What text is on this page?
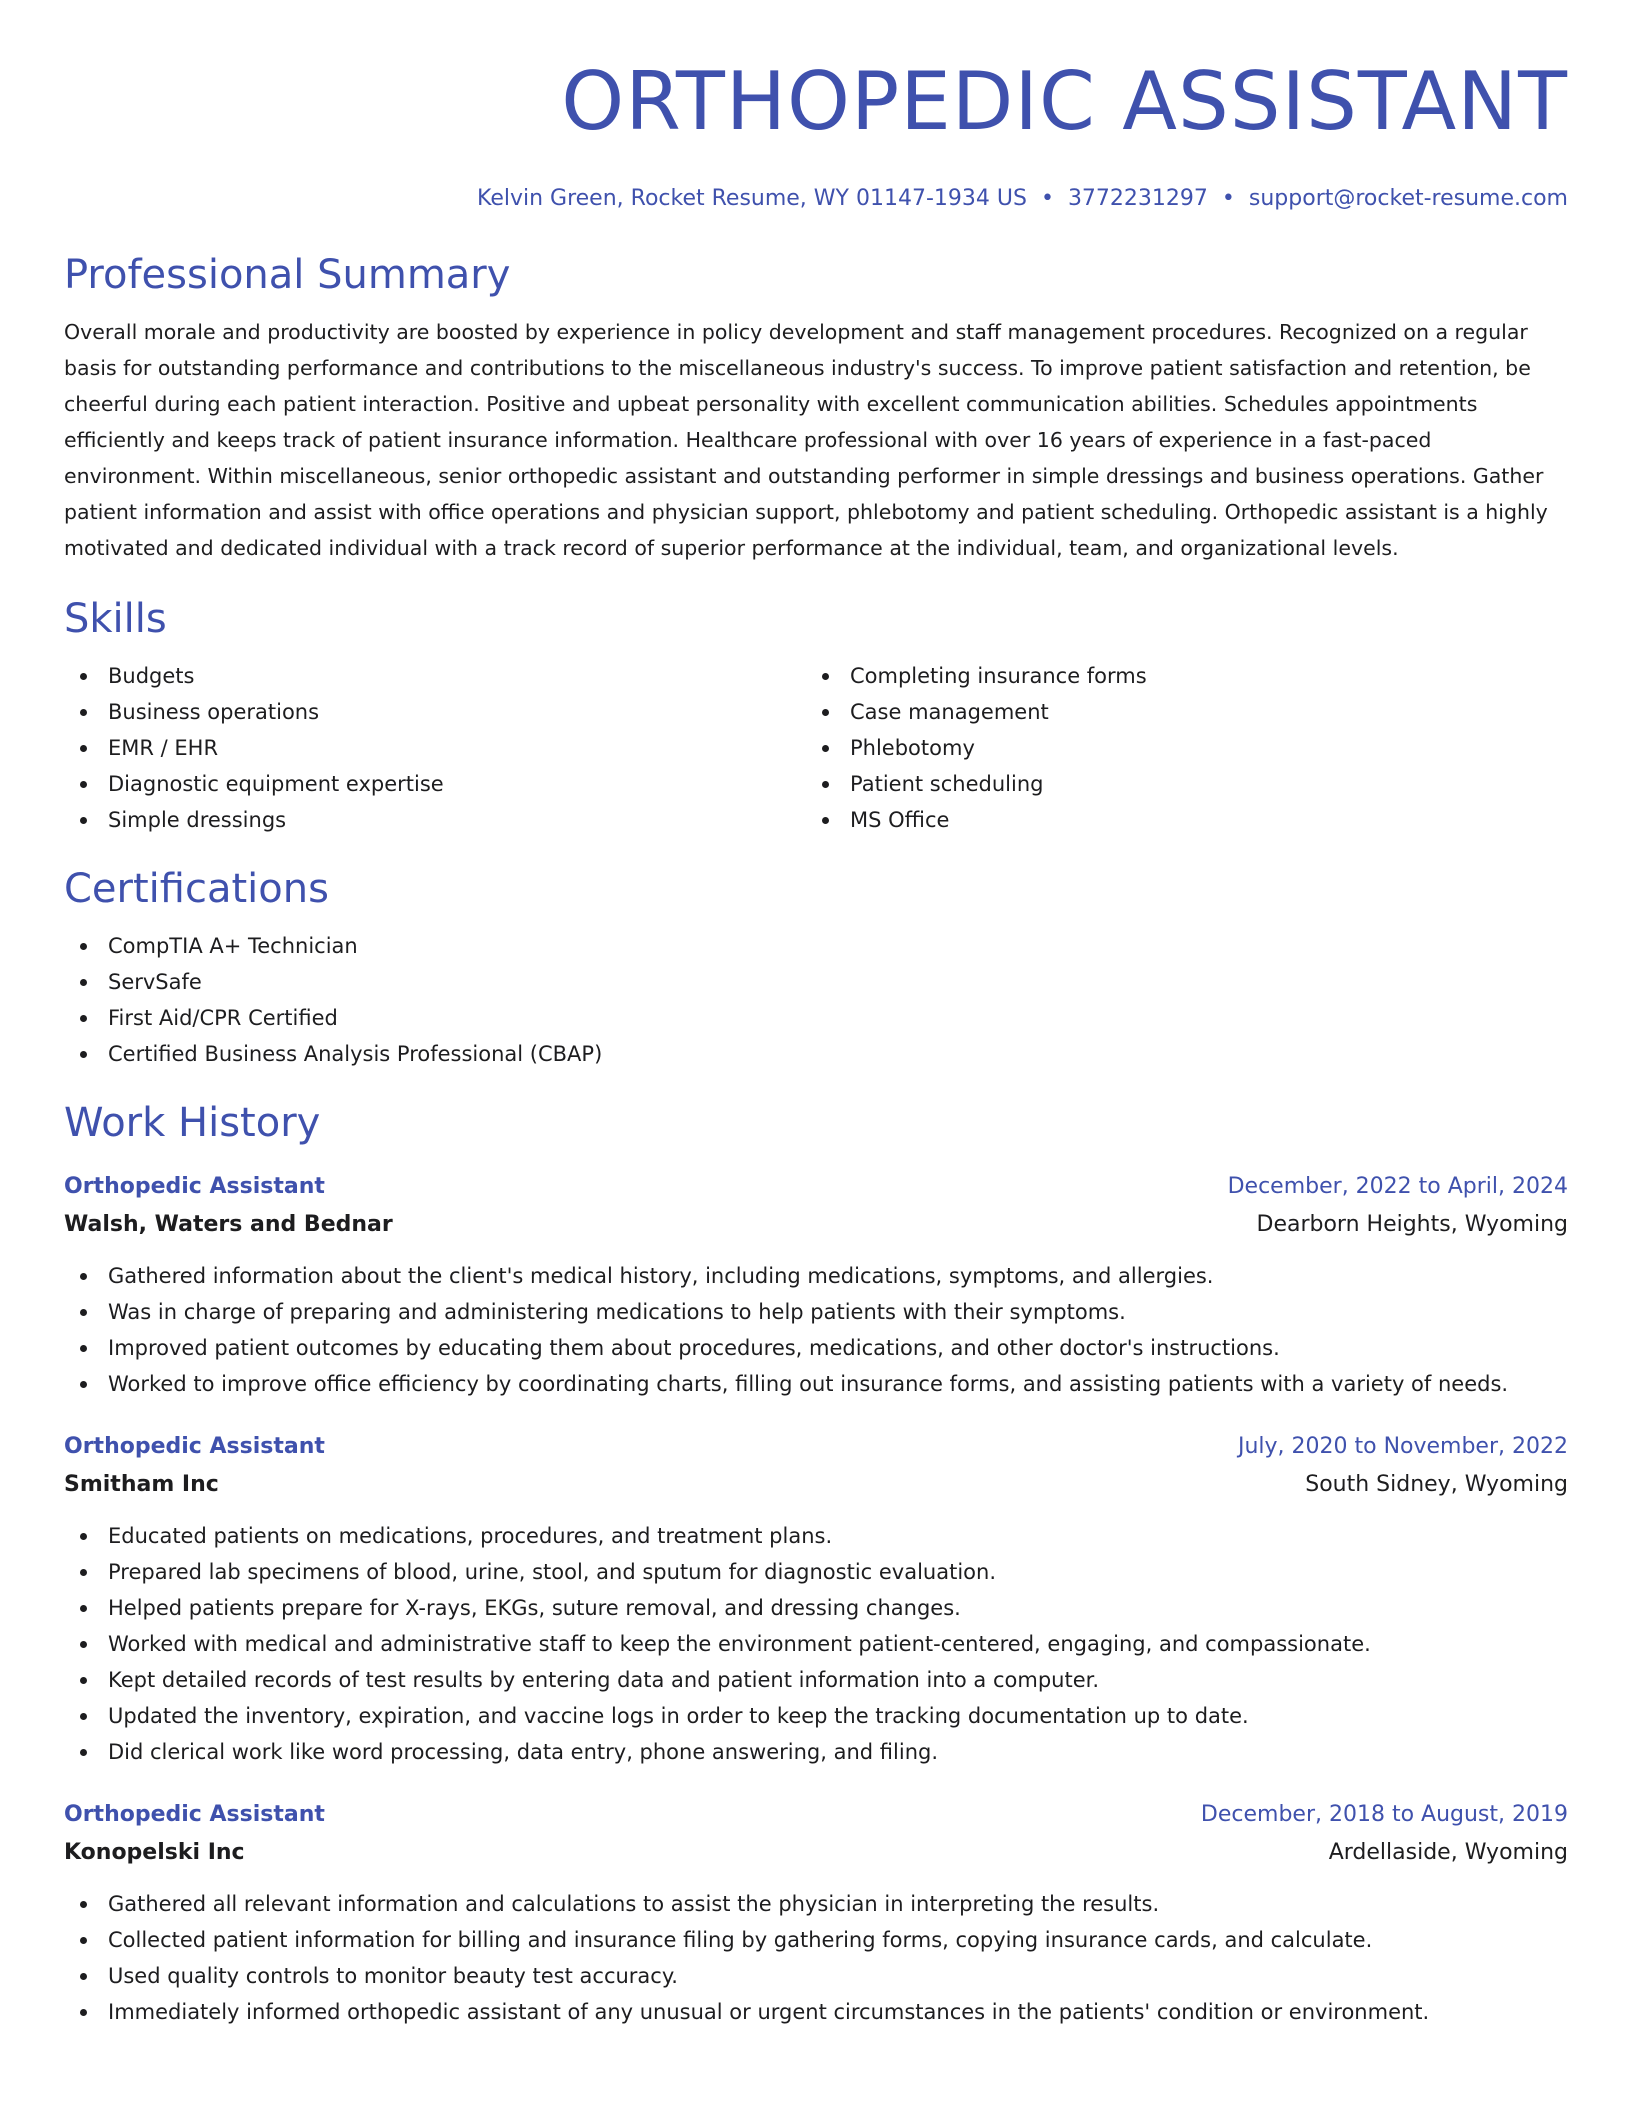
ORTHOPEDIC ASSISTANT
Kelvin Green, Rocket Resume, WY 01147-1934 US • 3772231297 • support@rocket-resume.com
Professional Summary
Overall morale and productivity are boosted by experience in policy development and staff management procedures. Recognized on a regular basis for outstanding performance and contributions to the miscellaneous industry's success. To improve patient satisfaction and retention, be cheerful during each patient interaction. Positive and upbeat personality with excellent communication abilities. Schedules appointments efficiently and keeps track of patient insurance information. Healthcare professional with over 16 years of experience in a fast-paced environment. Within miscellaneous, senior orthopedic assistant and outstanding performer in simple dressings and business operations. Gather patient information and assist with office operations and physician support, phlebotomy and patient scheduling. Orthopedic assistant is a highly motivated and dedicated individual with a track record of superior performance at the individual, team, and organizational levels.
Skills
Budgets
Business operations
EMR / EHR
Diagnostic equipment expertise
Simple dressings
Completing insurance forms
Case management
Phlebotomy
Patient scheduling
MS Office
Certifications
CompTIA A+ Technician
ServSafe
First Aid/CPR Certified
Certified Business Analysis Professional (CBAP)
Work History
Orthopedic Assistant	December, 2022 to April, 2024
Walsh, Waters and Bednar	Dearborn Heights, Wyoming
Gathered information about the client's medical history, including medications, symptoms, and allergies.
Was in charge of preparing and administering medications to help patients with their symptoms.
Improved patient outcomes by educating them about procedures, medications, and other doctor's instructions.
Worked to improve office efficiency by coordinating charts, filling out insurance forms, and assisting patients with a variety of needs.
Orthopedic Assistant	July, 2020 to November, 2022
Smitham Inc	South Sidney, Wyoming
Educated patients on medications, procedures, and treatment plans.
Prepared lab specimens of blood, urine, stool, and sputum for diagnostic evaluation.
Helped patients prepare for X-rays, EKGs, suture removal, and dressing changes.
Worked with medical and administrative staff to keep the environment patient-centered, engaging, and compassionate.
Kept detailed records of test results by entering data and patient information into a computer.
Updated the inventory, expiration, and vaccine logs in order to keep the tracking documentation up to date.
Did clerical work like word processing, data entry, phone answering, and filing.
Orthopedic Assistant	December, 2018 to August, 2019
Konopelski Inc	Ardellaside, Wyoming
Gathered all relevant information and calculations to assist the physician in interpreting the results.
Collected patient information for billing and insurance filing by gathering forms, copying insurance cards, and calculate.
Used quality controls to monitor beauty test accuracy.
Immediately informed orthopedic assistant of any unusual or urgent circumstances in the patients' condition or environment.
